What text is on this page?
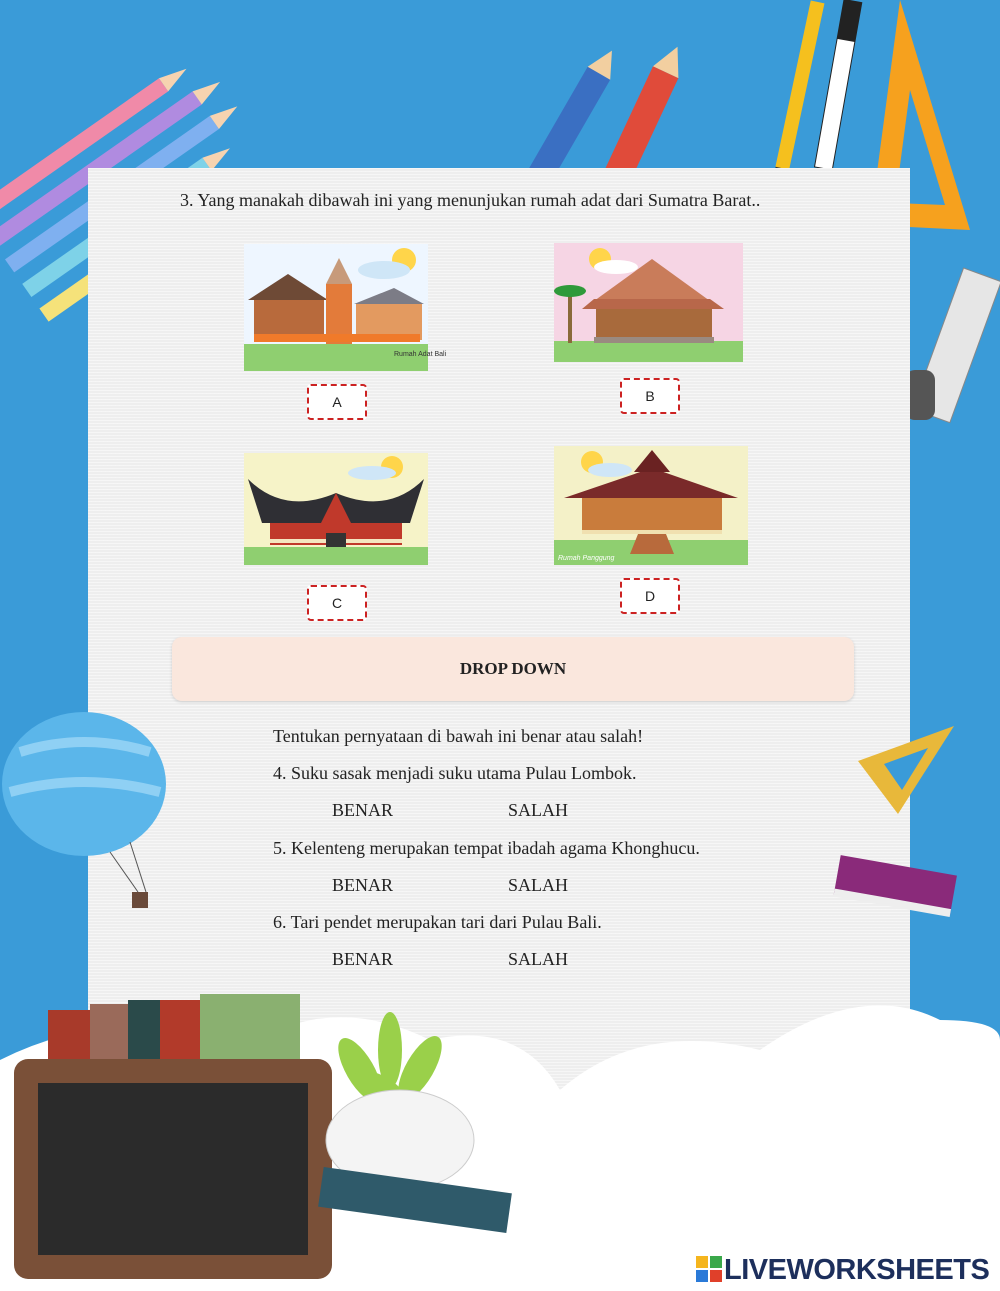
3. Yang manakah dibawah ini yang menunjukan rumah adat dari Sumatra Barat..
Rumah Adat Bali
A	B
Rumah Panggung
C	D
DROP DOWN
Tentukan pernyataan di bawah ini benar atau salah!
4. Suku sasak menjadi suku utama Pulau Lombok.
BENAR	SALAH
5. Kelenteng merupakan tempat ibadah agama Khonghucu.
BENAR	SALAH
6. Tari pendet merupakan tari dari Pulau Bali.
BENAR	SALAH
LIVEWORKSHEETS
